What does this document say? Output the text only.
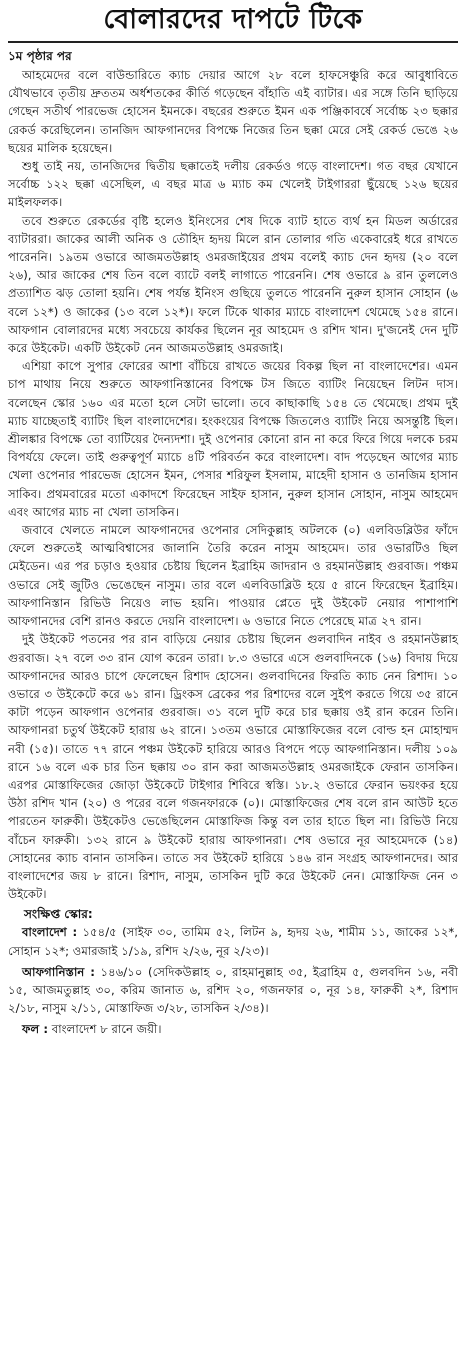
বোলারদের দাপটে টিকে
১ম পৃষ্ঠার পর

আহমেদের বলে বাউন্ডারিতে ক্যাচ দেয়ার আগে ২৮ বলে হাফসেঞ্চুরি করে আবুধাবিতে যৌথভাবে তৃতীয় দ্রুততম অর্ধশতকের কীর্তি গড়েছেন বাঁহাতি এই ব্যাটার। এর সঙ্গে তিনি ছাড়িয়ে গেছেন সতীর্থ পারভেজ হোসেন ইমনকে। বছরের শুরুতে ইমন এক পঞ্জিকাবর্ষে সর্বোচ্চ ২৩ ছক্কার রেকর্ড করেছিলেন। তানজিদ আফগানদের বিপক্ষে নিজের তিন ছক্কা মেরে সেই রেকর্ড ভেঙে ২৬ ছয়ের মালিক হয়েছেন।

শুধু তাই নয়, তানজিদের দ্বিতীয় ছক্কাতেই দলীয় রেকর্ডও গড়ে বাংলাদেশ। গত বছর যেখানে সর্বোচ্চ ১২২ ছক্কা এসেছিল, এ বছর মাত্র ৬ ম্যাচ কম খেলেই টাইগাররা ছুঁয়েছে ১২৬ ছয়ের মাইলফলক।

তবে শুরুতে রেকর্ডের বৃষ্টি হলেও ইনিংসের শেষ দিকে ব্যাট হাতে ব্যর্থ হন মিডল অর্ডারের ব্যাটাররা। জাকের আলী অনিক ও তৌহিদ হৃদয় মিলে রান তোলার গতি একেবারেই ধরে রাখতে পারেননি। ১৯তম ওভারে আজমতউল্লাহ ওমরজাইয়ের প্রথম বলেই ক্যাচ দেন হৃদয় (২০ বলে ২৬), আর জাকের শেষ তিন বলে ব্যাটে বলই লাগাতে পারেননি। শেষ ওভারে ৯ রান তুললেও প্রত্যাশিত ঝড় তোলা হয়নি। শেষ পর্যন্ত ইনিংস গুছিয়ে তুলতে পারেননি নুরুল হাসান সোহান (৬ বলে ১২*) ও জাকের (১৩ বলে ১২*)। ফলে টিকে থাকার ম্যাচে বাংলাদেশ থেমেছে ১৫৪ রানে। আফগান বোলারদের মধ্যে সবচেয়ে কার্যকর ছিলেন নূর আহমেদ ও রশিদ খান। দু'জনেই দেন দুটি করে উইকেট। একটি উইকেট নেন আজমতউল্লাহ ওমরজাই।

এশিয়া কাপে সুপার ফোরের আশা বাঁচিয়ে রাখতে জয়ের বিকল্প ছিল না বাংলাদেশের। এমন চাপ মাথায় নিয়ে শুরুতে আফগানিস্তানের বিপক্ষে টস জিতে ব্যাটিং নিয়েছেন লিটন দাস। বলেছেন স্কোর ১৬০ এর মতো হলে সেটা ভালো। তবে কাছাকাছি ১৫৪ তে থেমেছে। প্রথম দুই ম্যাচ যাচ্ছেতাই ব্যাটিং ছিল বাংলাদেশের। হংকংয়ের বিপক্ষে জিতলেও ব্যাটিং নিয়ে অসন্তুষ্টি ছিল। শ্রীলঙ্কার বিপক্ষে তো ব্যাটিয়ের দৈন্যদশা। দুই ওপেনার কোনো রান না করে ফিরে গিয়ে দলকে চরম বিপর্যয়ে ফেলে। তাই গুরুত্বপূর্ণ ম্যাচে ৪টি পরিবর্তন করে বাংলাদেশ। বাদ পড়েছেন আগের ম্যাচ খেলা ওপেনার পারভেজ হোসেন ইমন, পেসার শরিফুল ইসলাম, মাহেদী হাসান ও তানজিম হাসান সাকিব। প্রথমবারের মতো একাদশে ফিরেছেন সাইফ হাসান, নুরুল হাসান সোহান, নাসুম আহমেদ এবং আগের ম্যাচ না খেলা তাসকিন।

জবাবে খেলতে নামলে আফগানদের ওপেনার সেদিকুল্লাহ অটলকে (০) এলবিডব্লিউর ফাঁদে ফেলে শুরুতেই আত্মবিশ্বাসের জালানি তৈরি করেন নাসুম আহমেদ। তার ওভারটিও ছিল মেইডেন। এর পর চড়াও হওয়ার চেষ্টায় ছিলেন ইব্রাহিম জাদরান ও রহমানউল্লাহ গুরবাজ। পঞ্চম ওভারে সেই জুটিও ভেঙেছেন নাসুম। তার বলে এলবিডাব্লিউ হয়ে ৫ রানে ফিরেছেন ইব্রাহিম। আফগানিস্তান রিভিউ নিয়েও লাভ হয়নি। পাওয়ার প্লেতে দুই উইকেট নেয়ার পাশাপাশি আফগানদের বেশি রানও করতে দেয়নি বাংলাদেশ। ৬ ওভারে নিতে পেরেছে মাত্র ২৭ রান।

দুই উইকেট পতনের পর রান বাড়িয়ে নেয়ার চেষ্টায় ছিলেন গুলবাদিন নাইব ও রহমানউল্লাহ গুরবাজ। ২৭ বলে ৩৩ রান যোগ করেন তারা। ৮.৩ ওভারে এসে গুলবাদিনকে (১৬) বিদায় দিয়ে আফগানদের আরও চাপে ফেলেছেন রিশাদ হোসেন। গুলবাদিনের ফিরতি ক্যাচ নেন রিশাদ। ১০ ওভারে ৩ উইকেটে করে ৬১ রান। ড্রিংকস ব্রেকের পর রিশাদের বলে সুইপ করতে গিয়ে ৩৫ রানে কাটা পড়েন আফগান ওপেনার গুরবাজ। ৩১ বলে দুটি করে চার ছক্কায় ওই রান করেন তিনি। আফগানরা চতুর্থ উইকেট হারায় ৬২ রানে। ১৩তম ওভারে মোস্তাফিজের বলে বোল্ড হন মোহাম্মদ নবী (১৫)। তাতে ৭৭ রানে পঞ্চম উইকেট হারিয়ে আরও বিপদে পড়ে আফগানিস্তান। দলীয় ১০৯ রানে ১৬ বলে এক চার তিন ছক্কায় ৩০ রান করা আজমতউল্লাহ ওমরজাইকে ফেরান তাসকিন। এরপর মোস্তাফিজের জোড়া উইকেটে টাইগার শিবিরে স্বস্তি। ১৮.২ ওভারে ফেরান ভয়ংকর হয়ে উঠা রশিদ খান (২০) ও পরের বলে গজনফারকে (০)। মোস্তাফিজের শেষ বলে রান আউট হতে পারতেন ফারুকী। উইকেটও ভেঙেছিলেন মোস্তাফিজ কিন্তু বল তার হাতে ছিল না। রিভিউ নিয়ে বাঁচেন ফারুকী। ১৩২ রানে ৯ উইকেট হারায় আফগানরা। শেষ ওভারে নূর আহমেদকে (১৪) সোহানের ক্যাচ বানান তাসকিন। তাতে সব উইকেট হারিয়ে ১৪৬ রান সংগ্রহ আফগানদের। আর বাংলাদেশের জয় ৮ রানে। রিশাদ, নাসুম, তাসকিন দুটি করে উইকেট নেন। মোস্তাফিজ নেন ৩ উইকেট।

সংক্ষিপ্ত স্কোর:

বাংলাদেশ : ১৫৪/৫ (সাইফ ৩০, তামিম ৫২, লিটন ৯, হৃদয় ২৬, শামীম ১১, জাকের ১২*, সোহান ১২*; ওমারজাই ১/১৯, রশিদ ২/২৬, নূর ২/২৩)।

আফগানিস্তান : ১৪৬/১০ (সেদিকউল্লাহ ০, রাহমানুল্লাহ ৩৫, ইব্রাহিম ৫, গুলবদিন ১৬, নবী ১৫, আজমতুল্লাহ ৩০, করিম জানাত ৬, রশিদ ২০, গজনফার ০, নূর ১৪, ফারুকী ২*, রিশাদ ২/১৮, নাসুম ২/১১, মোস্তাফিজ ৩/২৮, তাসকিন ২/৩৪)।

ফল : বাংলাদেশ ৮ রানে জয়ী।
